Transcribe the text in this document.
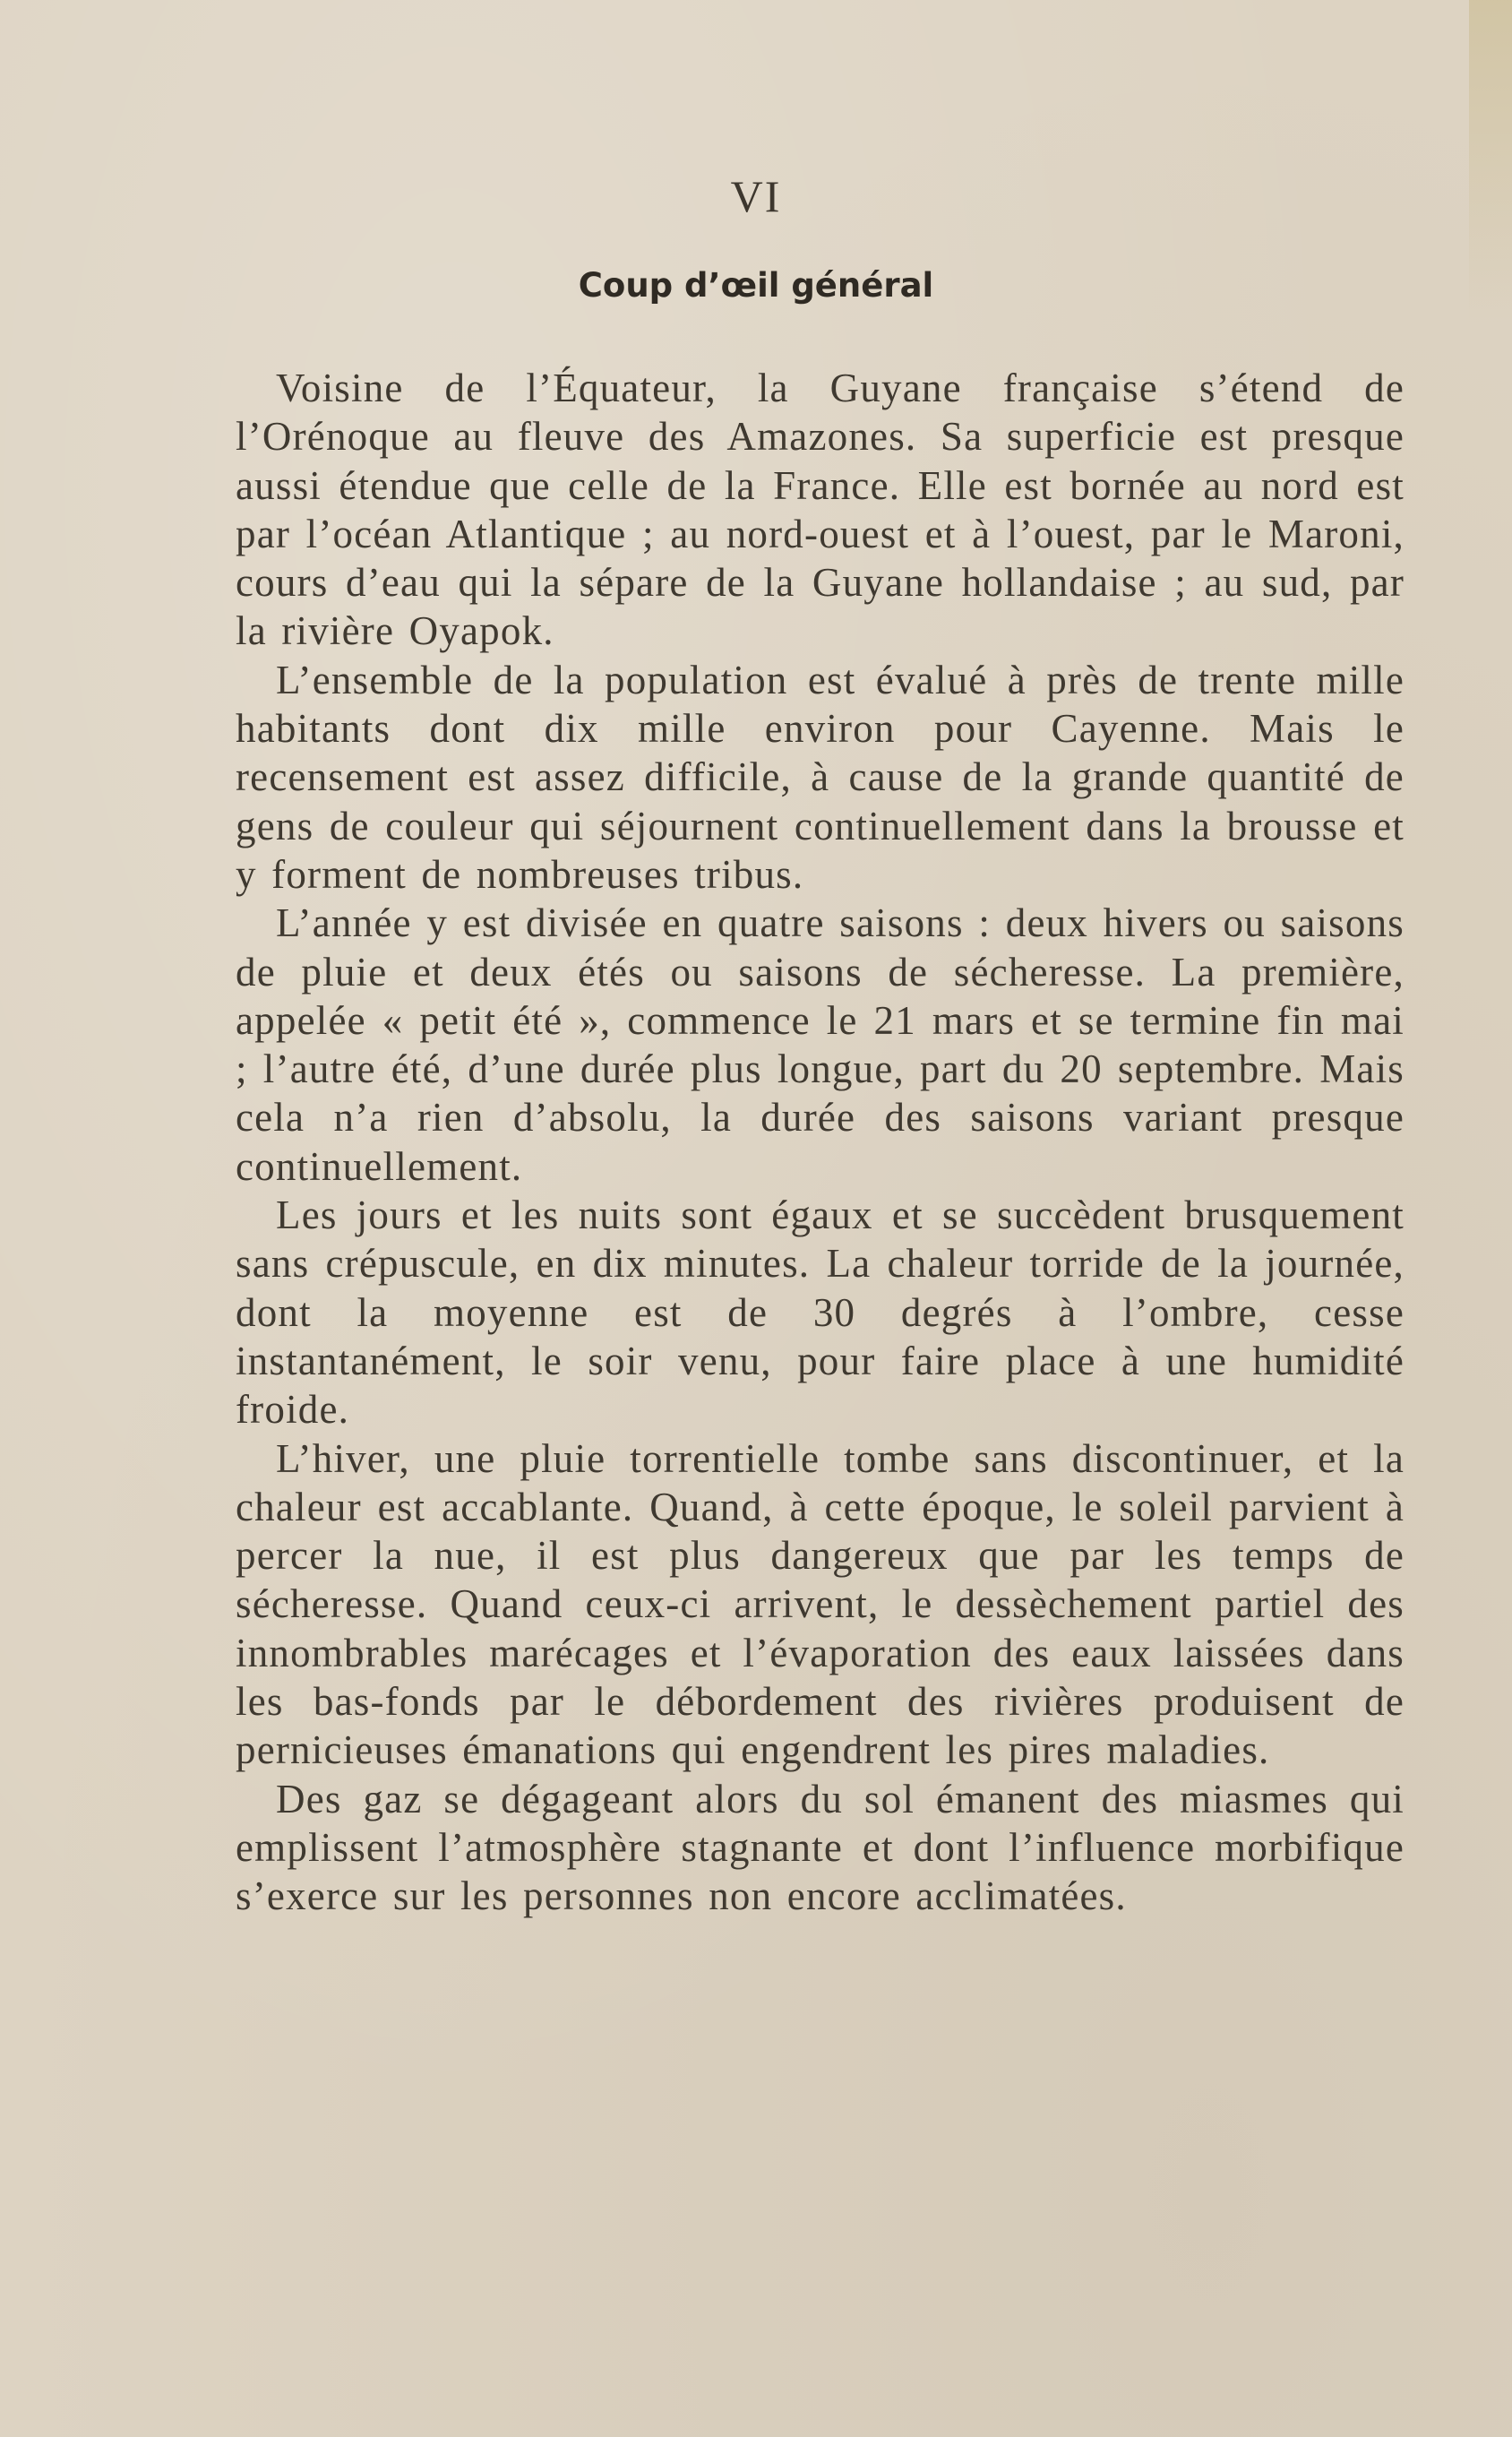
VI
Coup d’œil général

Voisine de l’Équateur, la Guyane française s’étend de l’Orénoque au fleuve des Amazones. Sa superficie est presque aussi étendue que celle de la France. Elle est bornée au nord est par l’océan Atlantique ; au nord-ouest et à l’ouest, par le Maroni, cours d’eau qui la sépare de la Guyane hollandaise ; au sud, par la rivière Oyapok.

L’ensemble de la population est évalué à près de trente mille habitants dont dix mille environ pour Cayenne. Mais le recensement est assez difficile, à cause de la grande quantité de gens de couleur qui séjournent continuellement dans la brousse et y forment de nombreuses tribus.

L’année y est divisée en quatre saisons : deux hivers ou saisons de pluie et deux étés ou saisons de sécheresse. La première, appelée « petit été », commence le 21 mars et se termine fin mai ; l’autre été, d’une durée plus longue, part du 20 septembre. Mais cela n’a rien d’absolu, la durée des saisons variant presque continuellement.

Les jours et les nuits sont égaux et se succèdent brusquement sans crépuscule, en dix minutes. La chaleur torride de la journée, dont la moyenne est de 30 degrés à l’ombre, cesse instantanément, le soir venu, pour faire place à une humidité froide.

L’hiver, une pluie torrentielle tombe sans discontinuer, et la chaleur est accablante. Quand, à cette époque, le soleil parvient à percer la nue, il est plus dangereux que par les temps de sécheresse. Quand ceux-ci arrivent, le dessèchement partiel des innombrables marécages et l’évaporation des eaux laissées dans les bas-fonds par le débordement des rivières produisent de pernicieuses émanations qui engendrent les pires maladies.

Des gaz se dégageant alors du sol émanent des miasmes qui emplissent l’atmosphère stagnante et dont l’influence morbifique s’exerce sur les personnes non encore acclimatées.
